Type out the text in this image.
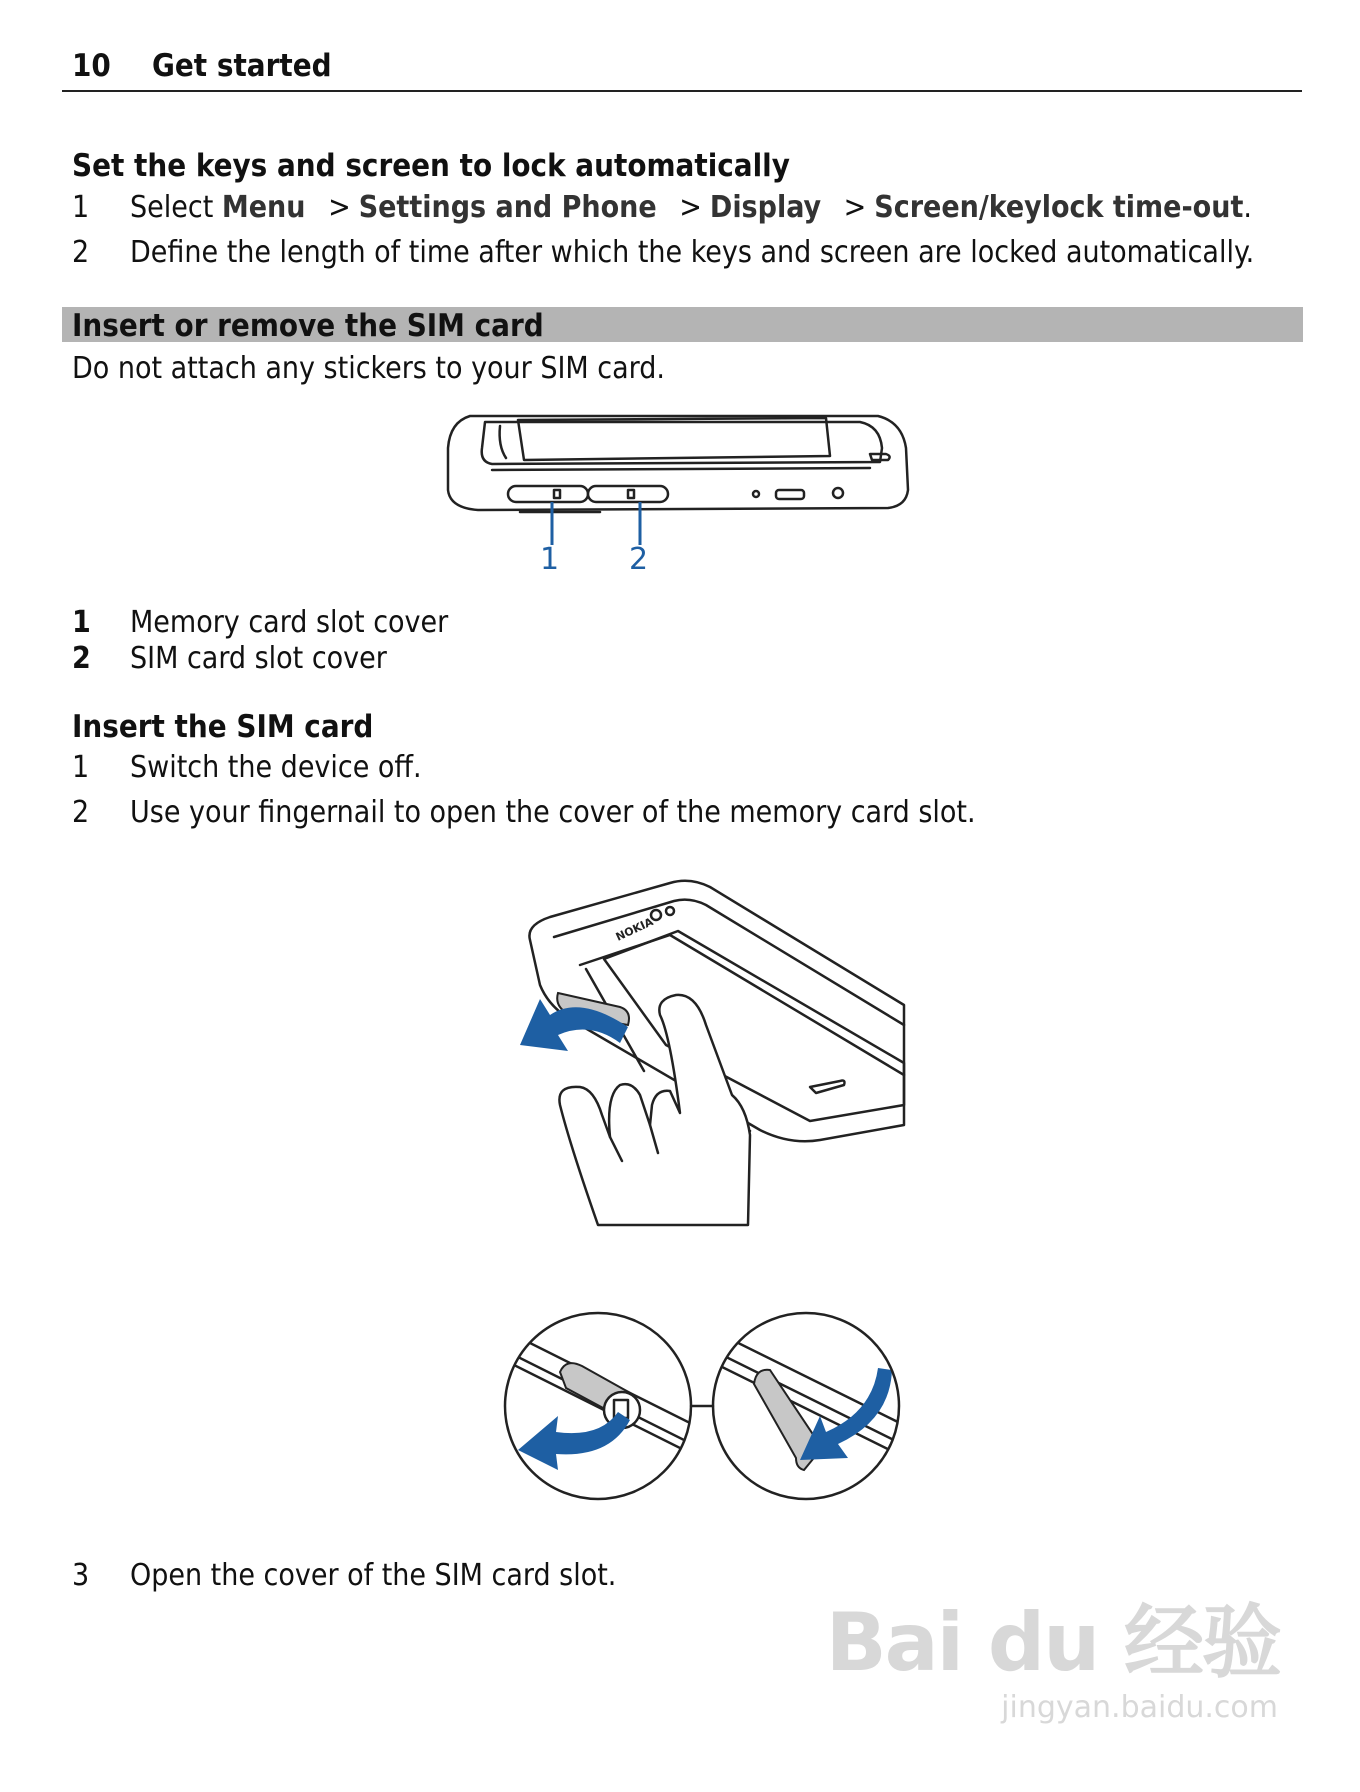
10 Get started
Set the keys and screen to lock automatically
1 Select Menu > Settings and Phone > Display > Screen/keylock time-out.
2 Define the length of time after which the keys and screen are locked automatically.
Insert or remove the SIM card
Do not attach any stickers to your SIM card.
1 2
1 Memory card slot cover
2 SIM card slot cover
Insert the SIM card
1 Switch the device off.
2 Use your fingernail to open the cover of the memory card slot.
NOKIA
3 Open the cover of the SIM card slot.
Bai du 经验
jingyan.baidu.com
